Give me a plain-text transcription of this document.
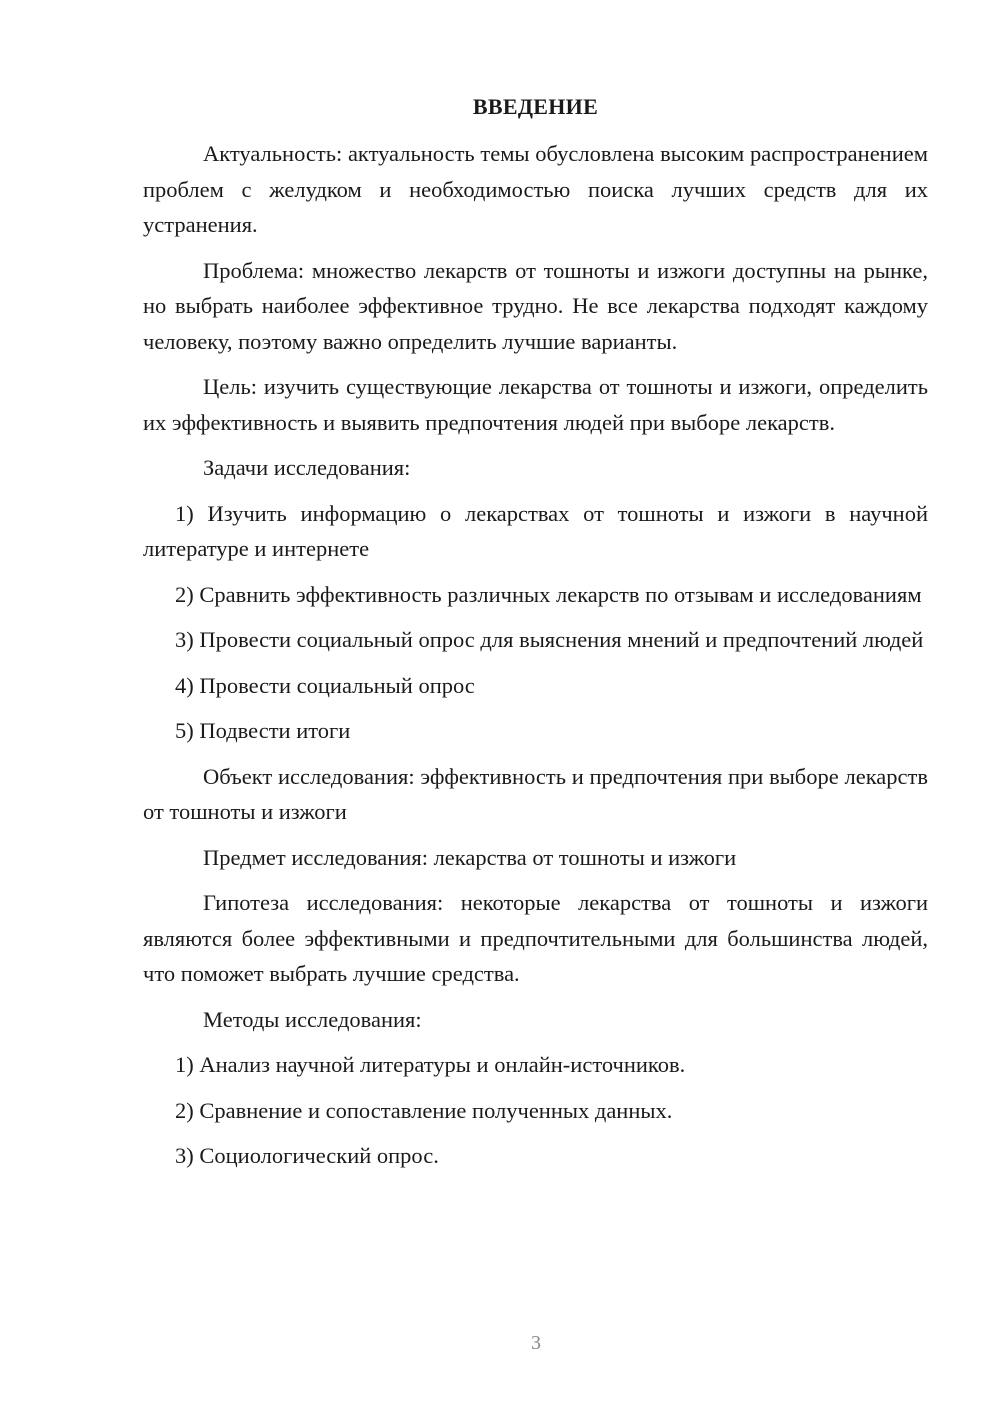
ВВЕДЕНИЕ

Актуальность: актуальность темы обусловлена высоким распространением проблем с желудком и необходимостью поиска лучших средств для их устранения.

Проблема: множество лекарств от тошноты и изжоги доступны на рынке, но выбрать наиболее эффективное трудно. Не все лекарства подходят каждому человеку, поэтому важно определить лучшие варианты.

Цель: изучить существующие лекарства от тошноты и изжоги, определить их эффективность и выявить предпочтения людей при выборе лекарств.

Задачи исследования:

1) Изучить информацию о лекарствах от тошноты и изжоги в научной литературе и интернете

2) Сравнить эффективность различных лекарств по отзывам и исследованиям

3) Провести социальный опрос для выяснения мнений и предпочтений людей

4) Провести социальный опрос

5) Подвести итоги

Объект исследования: эффективность и предпочтения при выборе лекарств от тошноты и изжоги

Предмет исследования: лекарства от тошноты и изжоги

Гипотеза исследования: некоторые лекарства от тошноты и изжоги являются более эффективными и предпочтительными для большинства людей, что поможет выбрать лучшие средства.

Методы исследования:

1) Анализ научной литературы и онлайн-источников.

2) Сравнение и сопоставление полученных данных.

3) Социологический опрос.

3
